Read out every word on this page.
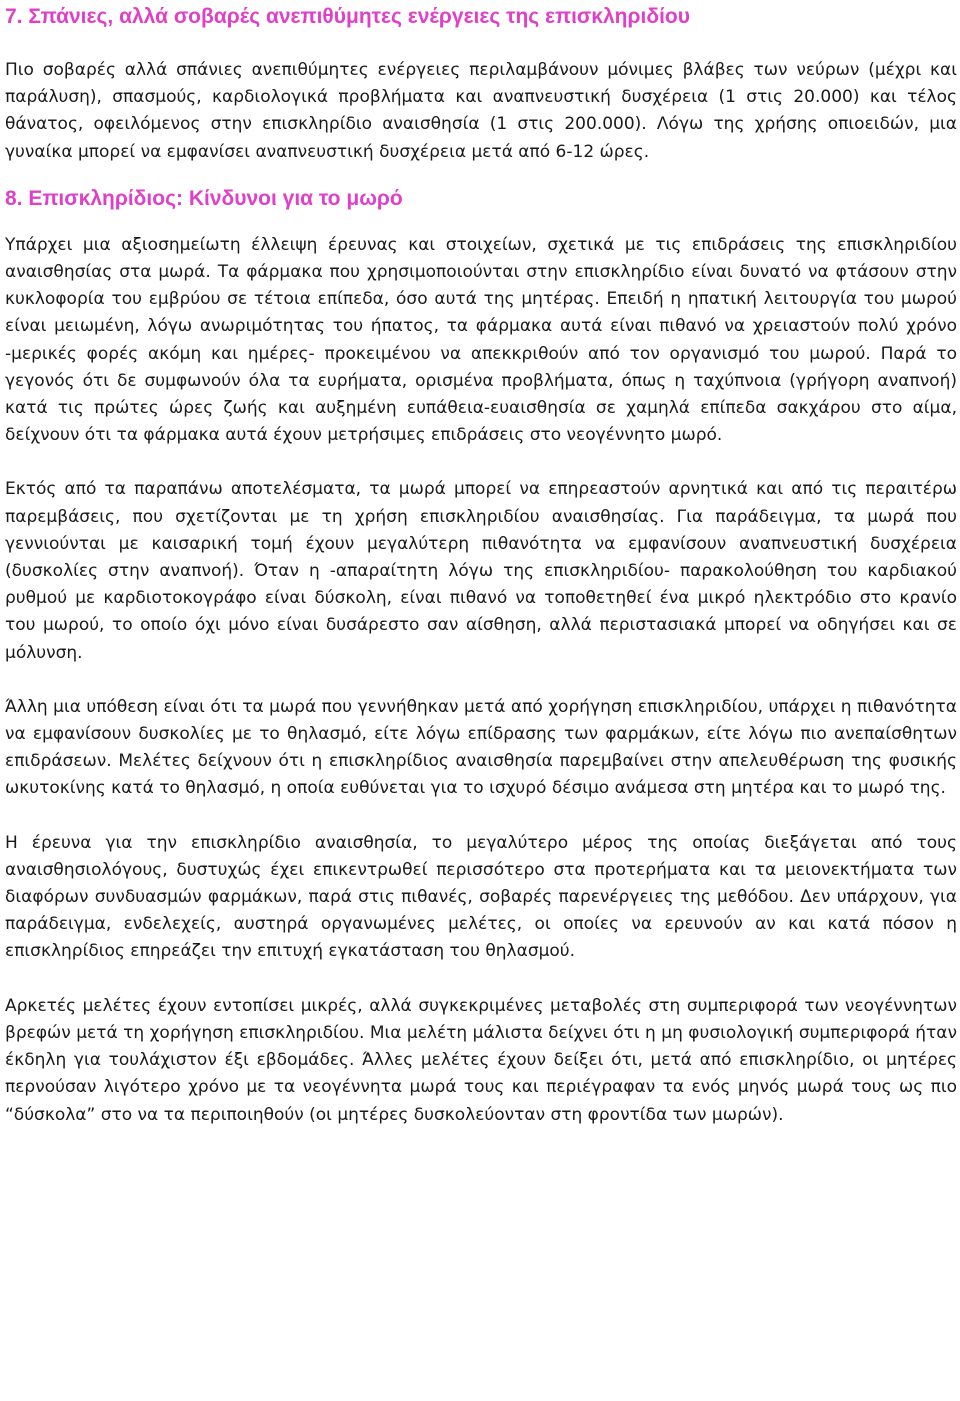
7. Σπάνιες, αλλά σοβαρές ανεπιθύμητες ενέργειες της επισκληριδίου

Πιο σοβαρές αλλά σπάνιες ανεπιθύμητες ενέργειες περιλαμβάνουν μόνιμες βλάβες των νεύρων (μέχρι και παράλυση), σπασμούς, καρδιολογικά προβλήματα και αναπνευστική δυσχέρεια (1 στις 20.000) και τέλος θάνατος, οφειλόμενος στην επισκληρίδιο αναισθησία (1 στις 200.000). Λόγω της χρήσης οπιοειδών, μια γυναίκα μπορεί να εμφανίσει αναπνευστική δυσχέρεια μετά από 6-12 ώρες.

8. Επισκληρίδιος: Κίνδυνοι για το μωρό

Υπάρχει μια αξιοσημείωτη έλλειψη έρευνας και στοιχείων, σχετικά με τις επιδράσεις της επισκληριδίου αναισθησίας στα μωρά. Τα φάρμακα που χρησιμοποιούνται στην επισκληρίδιο είναι δυνατό να φτάσουν στην κυκλοφορία του εμβρύου σε τέτοια επίπεδα, όσο αυτά της μητέρας. Επειδή η ηπατική λειτουργία του μωρού είναι μειωμένη, λόγω ανωριμότητας του ήπατος, τα φάρμακα αυτά είναι πιθανό να χρειαστούν πολύ χρόνο -μερικές φορές ακόμη και ημέρες- προκειμένου να απεκκριθούν από τον οργανισμό του μωρού. Παρά το γεγονός ότι δε συμφωνούν όλα τα ευρήματα, ορισμένα προβλήματα, όπως η ταχύπνοια (γρήγορη αναπνοή) κατά τις πρώτες ώρες ζωής και αυξημένη ευπάθεια-ευαισθησία σε χαμηλά επίπεδα σακχάρου στο αίμα, δείχνουν ότι τα φάρμακα αυτά έχουν μετρήσιμες επιδράσεις στο νεογέννητο μωρό.

Εκτός από τα παραπάνω αποτελέσματα, τα μωρά μπορεί να επηρεαστούν αρνητικά και από τις περαιτέρω παρεμβάσεις, που σχετίζονται με τη χρήση επισκληριδίου αναισθησίας. Για παράδειγμα, τα μωρά που γεννιούνται με καισαρική τομή έχουν μεγαλύτερη πιθανότητα να εμφανίσουν αναπνευστική δυσχέρεια (δυσκολίες στην αναπνοή). Όταν η -απαραίτητη λόγω της επισκληριδίου- παρακολούθηση του καρδιακού ρυθμού με καρδιοτοκογράφο είναι δύσκολη, είναι πιθανό να τοποθετηθεί ένα μικρό ηλεκτρόδιο στο κρανίο του μωρού, το οποίο όχι μόνο είναι δυσάρεστο σαν αίσθηση, αλλά περιστασιακά μπορεί να οδηγήσει και σε μόλυνση.

Άλλη μια υπόθεση είναι ότι τα μωρά που γεννήθηκαν μετά από χορήγηση επισκληριδίου, υπάρχει η πιθανότητα να εμφανίσουν δυσκολίες με το θηλασμό, είτε λόγω επίδρασης των φαρμάκων, είτε λόγω πιο ανεπαίσθητων επιδράσεων. Μελέτες δείχνουν ότι η επισκληρίδιος αναισθησία παρεμβαίνει στην απελευθέρωση της φυσικής ωκυτοκίνης κατά το θηλασμό, η οποία ευθύνεται για το ισχυρό δέσιμο ανάμεσα στη μητέρα και το μωρό της.

Η έρευνα για την επισκληρίδιο αναισθησία, το μεγαλύτερο μέρος της οποίας διεξάγεται από τους αναισθησιολόγους, δυστυχώς έχει επικεντρωθεί περισσότερο στα προτερήματα και τα μειονεκτήματα των διαφόρων συνδυασμών φαρμάκων, παρά στις πιθανές, σοβαρές παρενέργειες της μεθόδου. Δεν υπάρχουν, για παράδειγμα, ενδελεχείς, αυστηρά οργανωμένες μελέτες, οι οποίες να ερευνούν αν και κατά πόσον η επισκληρίδιος επηρεάζει την επιτυχή εγκατάσταση του θηλασμού.

Αρκετές μελέτες έχουν εντοπίσει μικρές, αλλά συγκεκριμένες μεταβολές στη συμπεριφορά των νεογέννητων βρεφών μετά τη χορήγηση επισκληριδίου. Μια μελέτη μάλιστα δείχνει ότι η μη φυσιολογική συμπεριφορά ήταν έκδηλη για τουλάχιστον έξι εβδομάδες. Άλλες μελέτες έχουν δείξει ότι, μετά από επισκληρίδιο, οι μητέρες περνούσαν λιγότερο χρόνο με τα νεογέννητα μωρά τους και περιέγραφαν τα ενός μηνός μωρά τους ως πιο “δύσκολα” στο να τα περιποιηθούν (οι μητέρες δυσκολεύονταν στη φροντίδα των μωρών).
